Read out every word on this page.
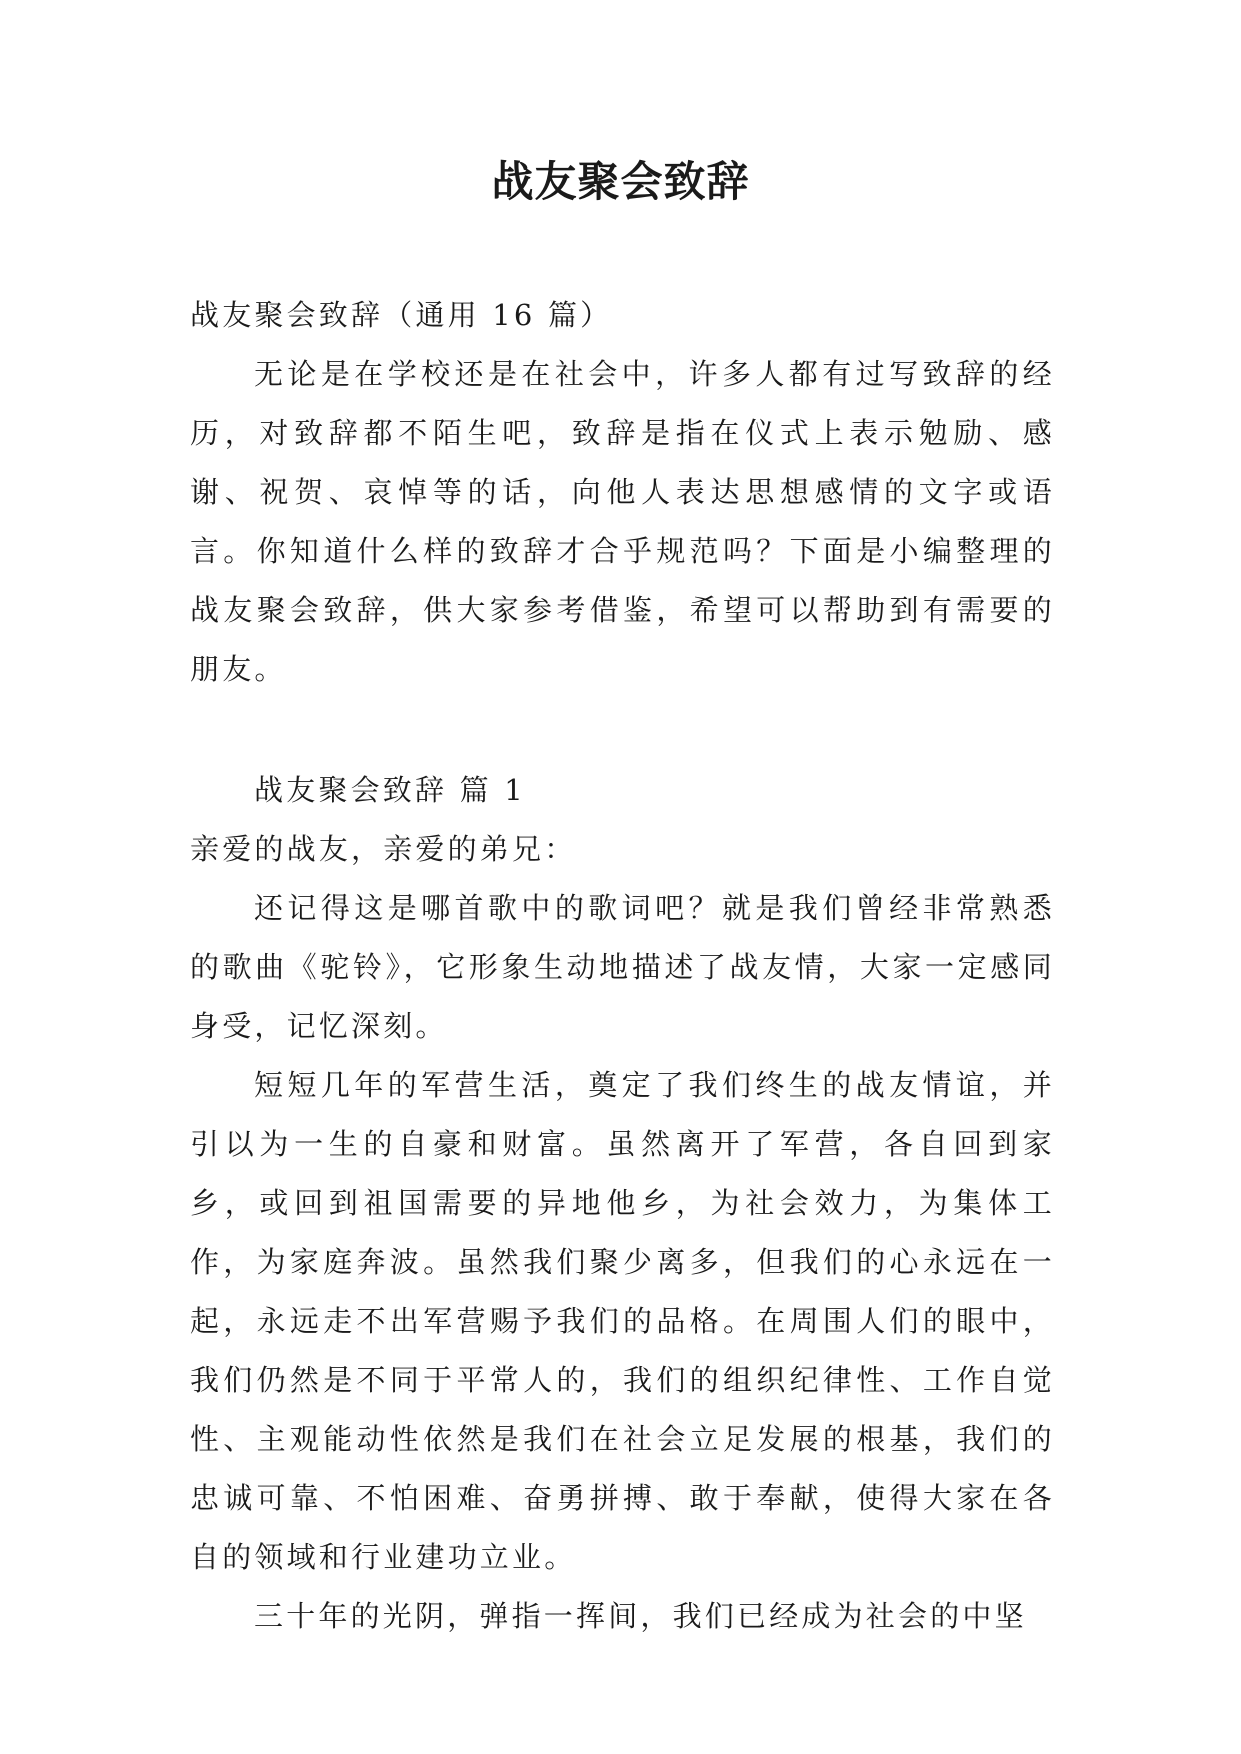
战友聚会致辞

战友聚会致辞（通用 16 篇）

无论是在学校还是在社会中，许多人都有过写致辞的经历，对致辞都不陌生吧，致辞是指在仪式上表示勉励、感谢、祝贺、哀悼等的话，向他人表达思想感情的文字或语言。你知道什么样的致辞才合乎规范吗？下面是小编整理的战友聚会致辞，供大家参考借鉴，希望可以帮助到有需要的朋友。

战友聚会致辞 篇 1

亲爱的战友，亲爱的弟兄：

还记得这是哪首歌中的歌词吧？就是我们曾经非常熟悉的歌曲《驼铃》，它形象生动地描述了战友情，大家一定感同身受，记忆深刻。

短短几年的军营生活，奠定了我们终生的战友情谊，并引以为一生的自豪和财富。虽然离开了军营，各自回到家乡，或回到祖国需要的异地他乡，为社会效力，为集体工作，为家庭奔波。虽然我们聚少离多，但我们的心永远在一起，永远走不出军营赐予我们的品格。在周围人们的眼中，我们仍然是不同于平常人的，我们的组织纪律性、工作自觉性、主观能动性依然是我们在社会立足发展的根基，我们的忠诚可靠、不怕困难、奋勇拼搏、敢于奉献，使得大家在各自的领域和行业建功立业。

三十年的光阴，弹指一挥间，我们已经成为社会的中坚
